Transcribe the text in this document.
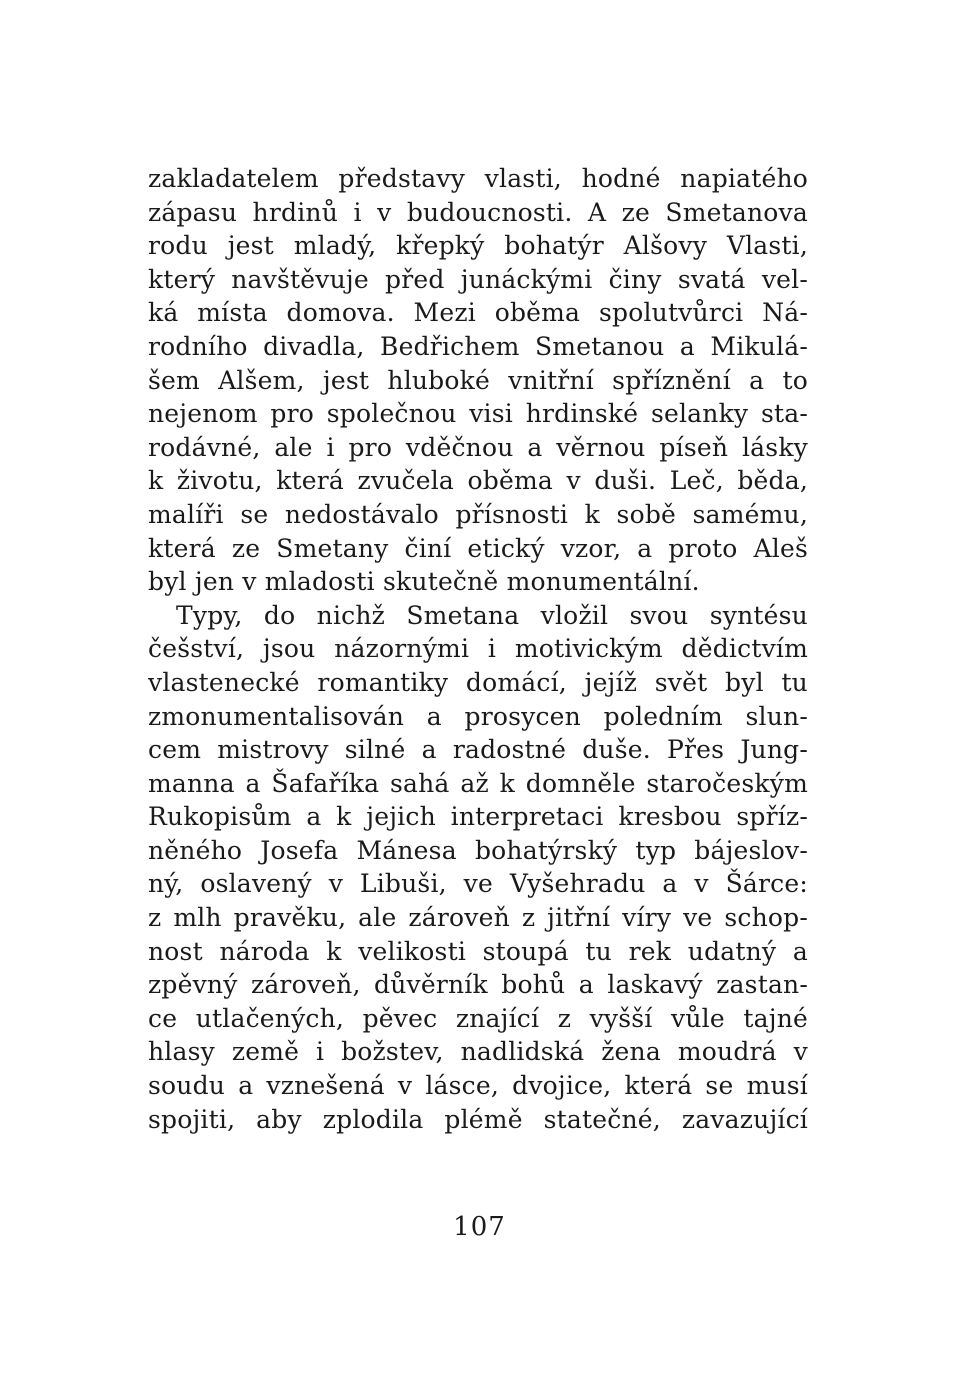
zakladatelem představy vlasti, hodné napiatého
zápasu hrdinů i v budoucnosti. A ze Smetanova
rodu jest mladý, křepký bohatýr Alšovy Vlasti,
který navštěvuje před junáckými činy svatá vel-
ká místa domova. Mezi oběma spolutvůrci Ná-
rodního divadla, Bedřichem Smetanou a Mikulá-
šem Alšem, jest hluboké vnitřní spříznění a to
nejenom pro společnou visi hrdinské selanky sta-
rodávné, ale i pro vděčnou a věrnou píseň lásky
k životu, která zvučela oběma v duši. Leč, běda,
malíři se nedostávalo přísnosti k sobě samému,
která ze Smetany činí etický vzor, a proto Aleš
byl jen v mladosti skutečně monumentální.
Typy, do nichž Smetana vložil svou syntésu
češství, jsou názornými i motivickým dědictvím
vlastenecké romantiky domácí, jejíž svět byl tu
zmonumentalisován a prosycen poledním slun-
cem mistrovy silné a radostné duše. Přes Jung-
manna a Šafaříka sahá až k domněle staročeským
Rukopisům a k jejich interpretaci kresbou spříz-
něného Josefa Mánesa bohatýrský typ bájeslov-
ný, oslavený v Libuši, ve Vyšehradu a v Šárce:
z mlh pravěku, ale zároveň z jitřní víry ve schop-
nost národa k velikosti stoupá tu rek udatný a
zpěvný zároveň, důvěrník bohů a laskavý zastan-
ce utlačených, pěvec znající z vyšší vůle tajné
hlasy země i božstev, nadlidská žena moudrá v
soudu a vznešená v lásce, dvojice, která se musí
spojiti, aby zplodila plémě statečné, zavazující
107
